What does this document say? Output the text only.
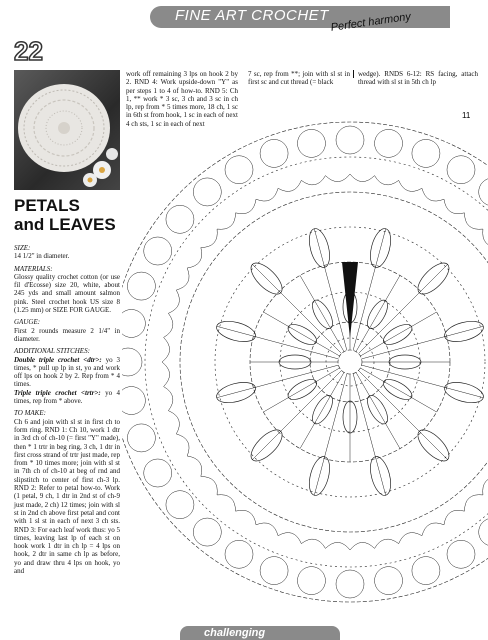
FINE ART CROCHET Perfect harmony
22
PETALS
and LEAVES

SIZE:

14 1/2" in diameter.

MATERIALS:

Glossy quality crochet cotton (or use fil d'Ecosse) size 20, white, about 245 yds and small amount salmon pink. Steel crochet hook US size 8 (1.25 mm) or SIZE FOR GAUGE.

GAUGE:

First 2 rounds measure 2 1/4" in diameter.

ADDITIONAL STITCHES:

Double triple crochet <dtr>: yo 3 times, * pull up lp in st, yo and work off lps on hook 2 by 2. Rep from * 4 times.

Triple triple crochet <trtr>: yo 4 times, rep from * above.

TO MAKE:

Ch 6 and join with sl st in first ch to form ring. RND 1: Ch 10, work 1 dtr in 3rd ch of ch-10 (= first "Y" made), then * 1 trtr in beg ring, 3 ch, 1 dtr in first cross strand of trtr just made, rep from * 10 times more; join with sl st in 7th ch of ch-10 at beg of rnd and slipstitch to center of first ch-3 lp. RND 2: Refer to petal how-to. Work (1 petal, 9 ch, 1 dtr in 2nd st of ch-9 just made, 2 ch) 12 times; join with sl st in 2nd ch above first petal and cont with 1 sl st in each of next 3 ch sts. RND 3: For each leaf work thus: yo 5 times, leaving last lp of each st on hook work 1 dtr in ch lp = 4 lps on hook, 2 dtr in same ch lp as before, yo and draw thru 4 lps on hook, yo and

work off remaining 3 lps on hook 2 by 2. RND 4: Work upside-down "Y" as per steps 1 to 4 of how-to. RND 5: Ch 1, ** work * 3 sc, 3 ch and 3 sc in ch lp, rep from * 5 times more, 18 ch, 1 sc in 6th st from hook, 1 sc in each of next 4 ch sts, 1 sc in each of next
7 sc, rep from **; join with sl st in first sc and cut thread (= black
wedge). RNDS 6-12: RS facing, attach thread with sl st in 5th ch lp
11
challenging
